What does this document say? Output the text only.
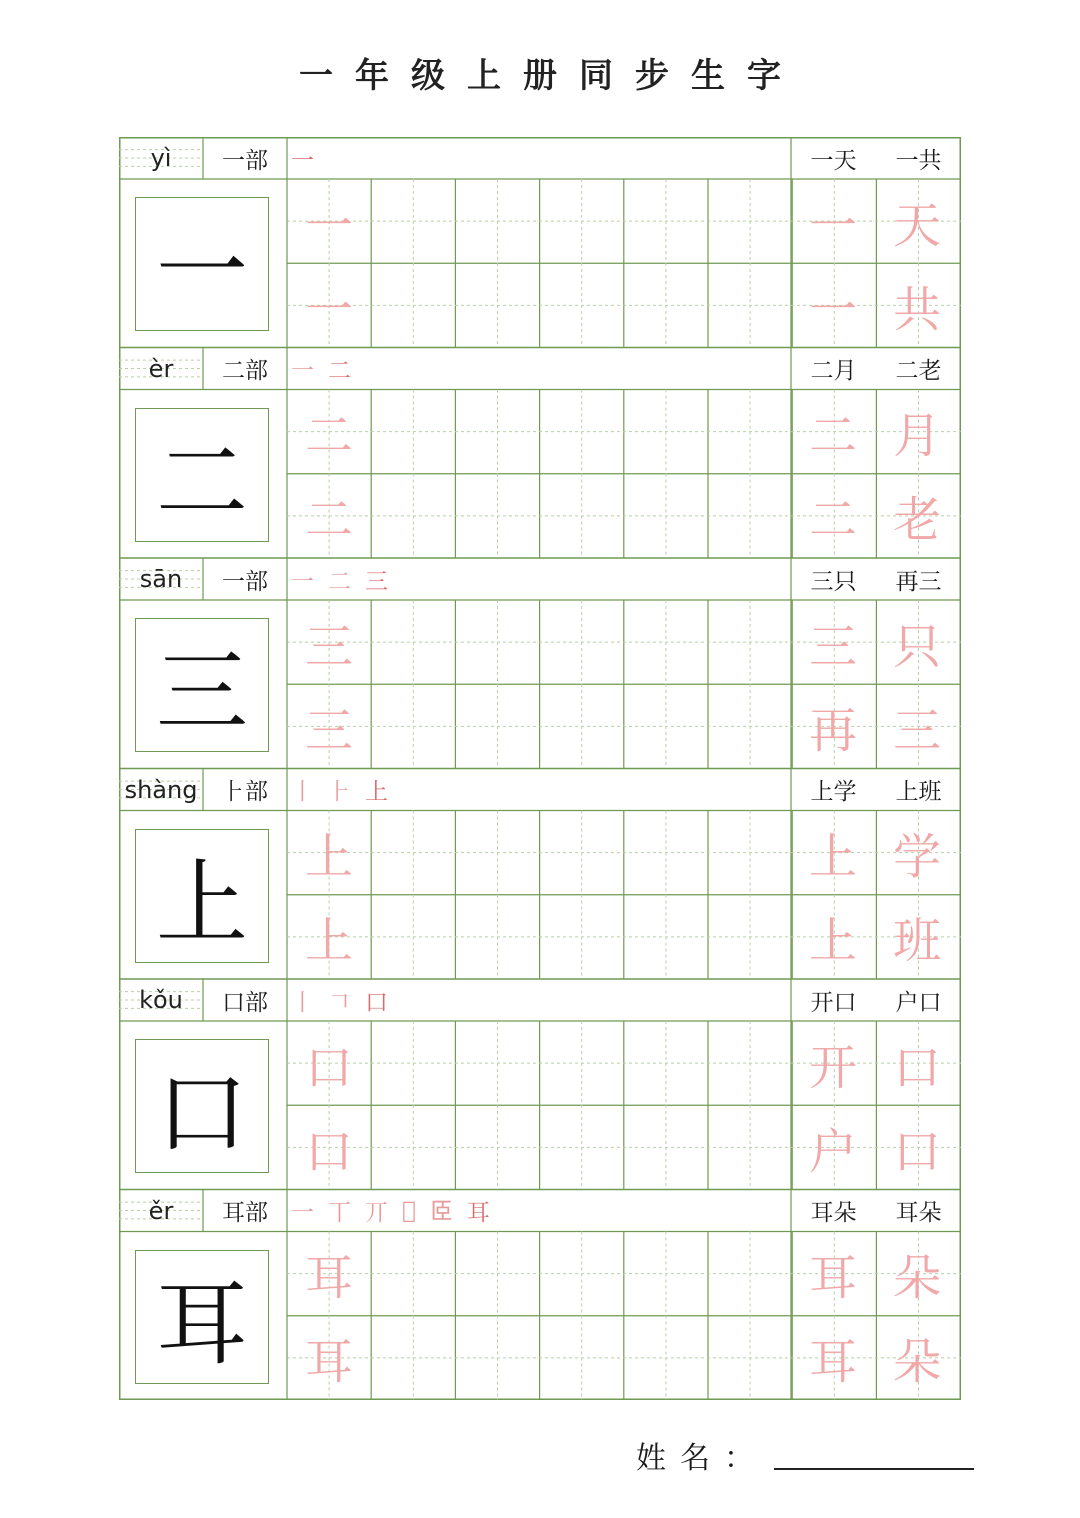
一年级上册同步生字
yì	一部	一	一天 一共
一	一	一 天
一	一 共
èr	二部	一 二	二月 二老
二	二	二 月
二	二 老
sān	一部	一 二 三	三只 再三
三	三	三 只
三	再 三
shàng	⺊部	丨 ⺊ 上	上学 上班
上	上	上 学
上	上 班
kǒu	口部	丨 𠃍 口	开口 户口
口	口	开 口
口	户 口
ěr	耳部	一 丅 丌 𠀉 𦣞 耳	耳朵 耳朵
耳	耳	耳 朵
耳	耳 朵
姓名：
